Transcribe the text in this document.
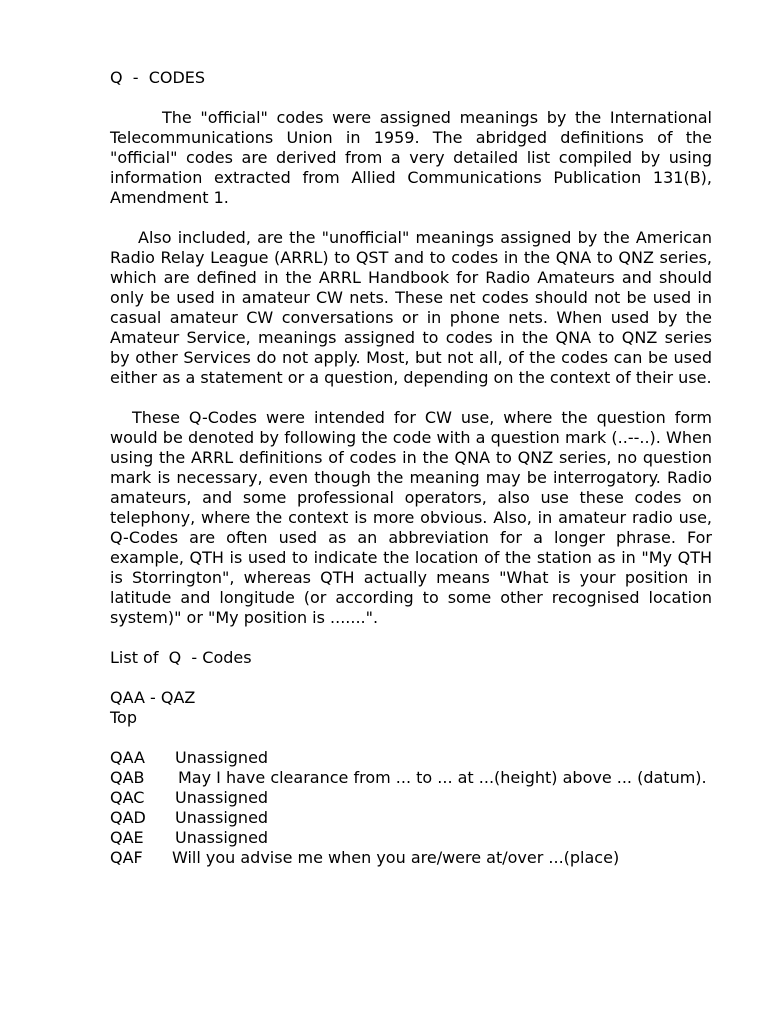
Q  -  CODES

The "official" codes were assigned meanings by the International Telecommunications Union in 1959. The abridged definitions of the "official" codes are derived from a very detailed list compiled by using information extracted from Allied Communications Publication 131(B), Amendment 1.

Also included, are the "unofficial" meanings assigned by the American Radio Relay League (ARRL) to QST and to codes in the QNA to QNZ series, which are defined in the ARRL Handbook for Radio Amateurs and should only be used in amateur CW nets. These net codes should not be used in casual amateur CW conversations or in phone nets. When used by the Amateur Service, meanings assigned to codes in the QNA to QNZ series by other Services do not apply. Most, but not all, of the codes can be used either as a statement or a question, depending on the context of their use.

These Q-Codes were intended for CW use, where the question form would be denoted by following the code with a question mark (..--..). When using the ARRL definitions of codes in the QNA to QNZ series, no question mark is necessary, even though the meaning may be interrogatory. Radio amateurs, and some professional operators, also use these codes on telephony, where the context is more obvious. Also, in amateur radio use, Q-Codes are often used as an abbreviation for a longer phrase. For example, QTH is used to indicate the location of the station as in "My QTH is Storrington", whereas QTH actually means "What is your position in latitude and longitude (or according to some other recognised location system)" or "My position is .......".

List of  Q  - Codes

QAA - QAZ

Top

QAA	Unassigned
QAB May I have clearance from ... to ... at ...(height) above ... (datum).
QAC	Unassigned
QAD	Unassigned
QAE	Unassigned
QAF	Will you advise me when you are/were at/over ...(place)
